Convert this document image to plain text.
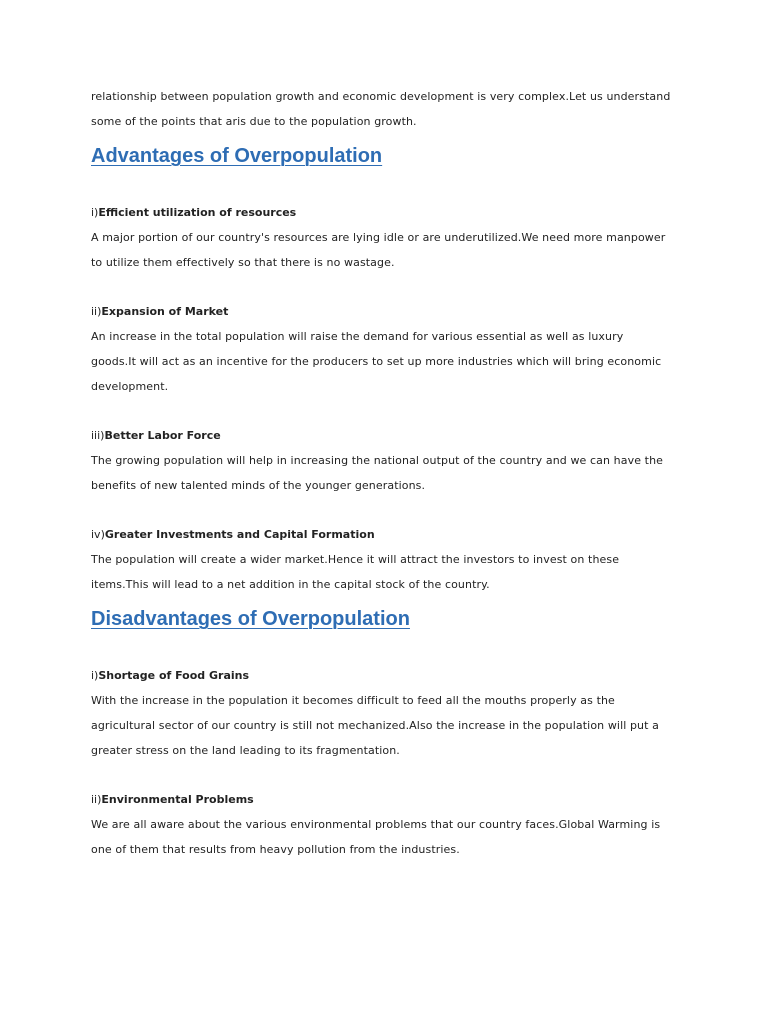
relationship between population growth and economic development is very complex.Let us understand

some of the points that aris due to the population growth.

Advantages of Overpopulation

i)Efficient utilization of resources

A major portion of our country's resources are lying idle or are underutilized.We need more manpower

to utilize them effectively so that there is no wastage.

ii)Expansion of Market

An increase in the total population will raise the demand for various essential as well as luxury

goods.It will act as an incentive for the producers to set up more industries which will bring economic

development.

iii)Better Labor Force

The growing population will help in increasing the national output of the country and we can have the

benefits of new talented minds of the younger generations.

iv)Greater Investments and Capital Formation

The population will create a wider market.Hence it will attract the investors to invest on these

items.This will lead to a net addition in the capital stock of the country.

Disadvantages of Overpopulation

i)Shortage of Food Grains

With the increase in the population it becomes difficult to feed all the mouths properly as the

agricultural sector of our country is still not mechanized.Also the increase in the population will put a

greater stress on the land leading to its fragmentation.

ii)Environmental Problems

We are all aware about the various environmental problems that our country faces.Global Warming is

one of them that results from heavy pollution from the industries.
